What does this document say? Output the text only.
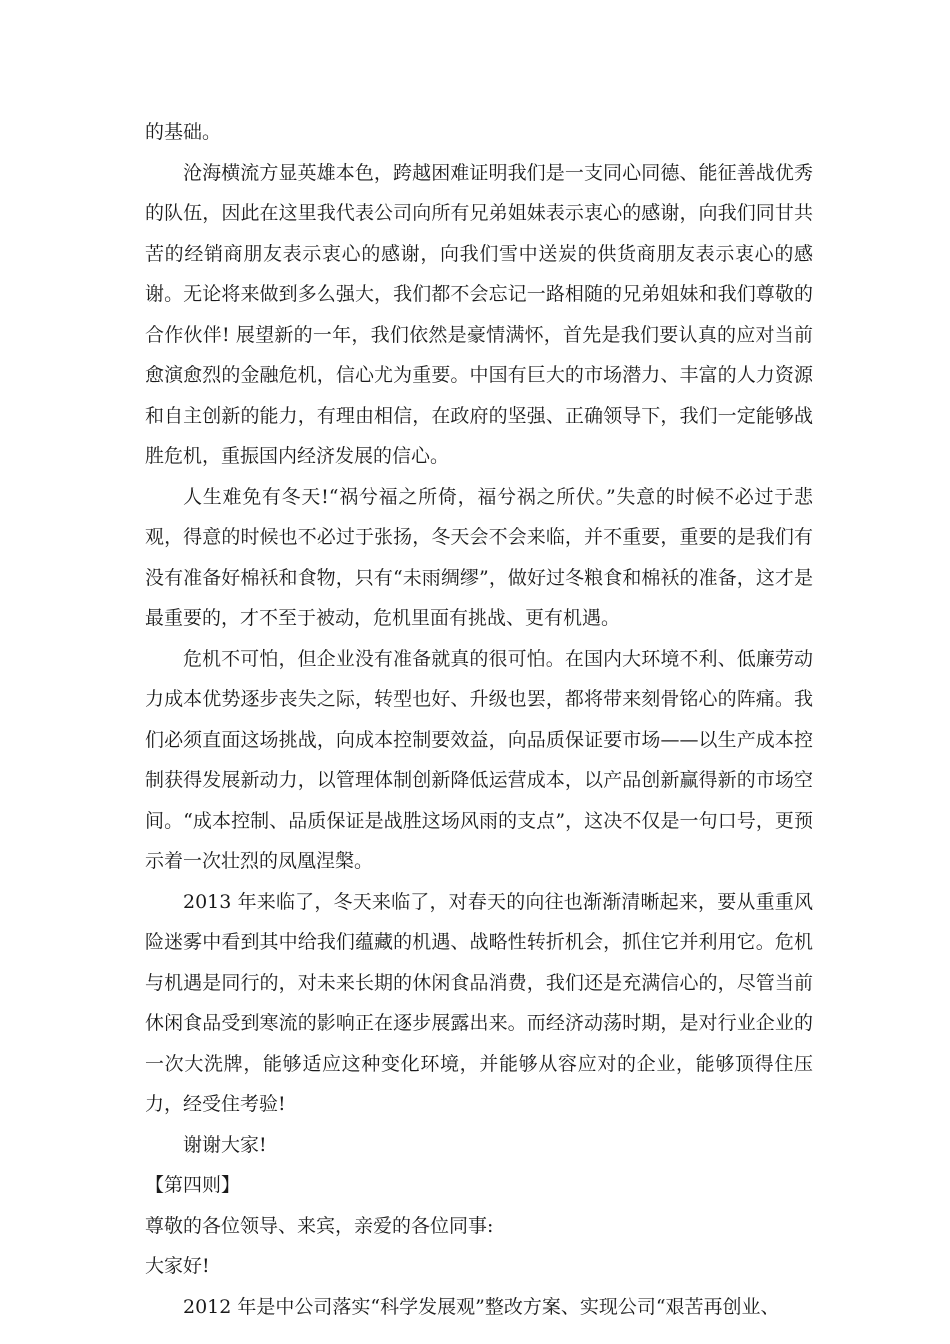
的基础。

沧海横流方显英雄本色，跨越困难证明我们是一支同心同德、能征善战优秀的队伍，因此在这里我代表公司向所有兄弟姐妹表示衷心的感谢，向我们同甘共苦的经销商朋友表示衷心的感谢，向我们雪中送炭的供货商朋友表示衷心的感谢。无论将来做到多么强大，我们都不会忘记一路相随的兄弟姐妹和我们尊敬的合作伙伴! 展望新的一年，我们依然是豪情满怀，首先是我们要认真的应对当前愈演愈烈的金融危机，信心尤为重要。中国有巨大的市场潜力、丰富的人力资源和自主创新的能力，有理由相信，在政府的坚强、正确领导下，我们一定能够战胜危机，重振国内经济发展的信心。

人生难免有冬天!“祸兮福之所倚，福兮祸之所伏。”失意的时候不必过于悲观，得意的时候也不必过于张扬，冬天会不会来临，并不重要，重要的是我们有没有准备好棉袄和食物，只有“未雨绸缪”，做好过冬粮食和棉袄的准备，这才是最重要的，才不至于被动，危机里面有挑战、更有机遇。

危机不可怕，但企业没有准备就真的很可怕。在国内大环境不利、低廉劳动力成本优势逐步丧失之际，转型也好、升级也罢，都将带来刻骨铭心的阵痛。我们必须直面这场挑战，向成本控制要效益，向品质保证要市场——以生产成本控制获得发展新动力，以管理体制创新降低运营成本，以产品创新赢得新的市场空间。“成本控制、品质保证是战胜这场风雨的支点”，这决不仅是一句口号，更预示着一次壮烈的凤凰涅槃。

2013 年来临了，冬天来临了，对春天的向往也渐渐清晰起来，要从重重风险迷雾中看到其中给我们蕴藏的机遇、战略性转折机会，抓住它并利用它。危机与机遇是同行的，对未来长期的休闲食品消费，我们还是充满信心的，尽管当前休闲食品受到寒流的影响正在逐步展露出来。而经济动荡时期，是对行业企业的一次大洗牌，能够适应这种变化环境，并能够从容应对的企业，能够顶得住压力，经受住考验!

谢谢大家!

【第四则】

尊敬的各位领导、来宾，亲爱的各位同事:

大家好!

2012 年是中公司落实“科学发展观”整改方案、实现公司“艰苦再创业、
